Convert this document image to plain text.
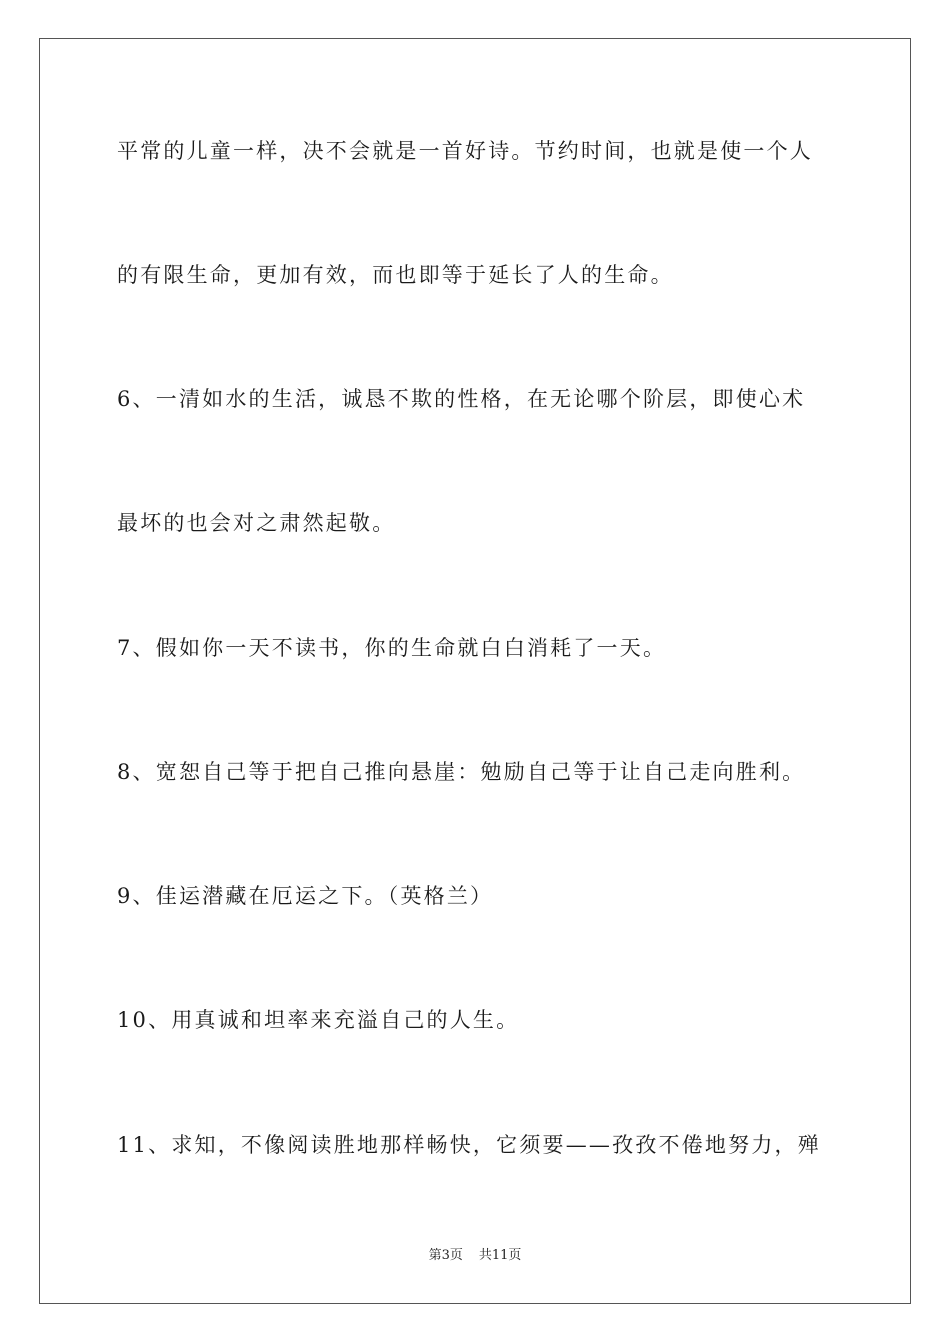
平常的儿童一样，决不会就是一首好诗。节约时间，也就是使一个人
的有限生命，更加有效，而也即等于延长了人的生命。
6、一清如水的生活，诚恳不欺的性格，在无论哪个阶层，即使心术
最坏的也会对之肃然起敬。
7、假如你一天不读书，你的生命就白白消耗了一天。
8、宽恕自己等于把自己推向悬崖：勉励自己等于让自己走向胜利。
9、佳运潜藏在厄运之下。（英格兰）
10、用真诚和坦率来充溢自己的人生。
11、求知，不像阅读胜地那样畅快，它须要——孜孜不倦地努力，殚
第3页 共11页
